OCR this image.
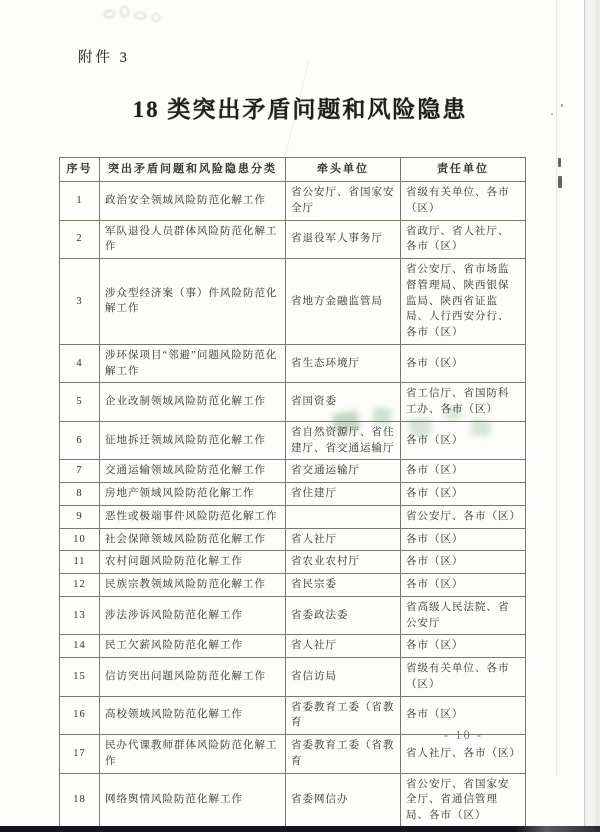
附件 3
18 类突出矛盾问题和风险隐患
序号	突出矛盾问题和风险隐患分类	牵头单位	责任单位
1	政治安全领域风险防范化解工作	省公安厅、省国家安全厅	省级有关单位、各市（区）
2	军队退役人员群体风险防范化解工作	省退役军人事务厅	省政厅、省人社厅、各市（区）
3	涉众型经济案（事）件风险防范化解工作	省地方金融监管局	省公安厅、省市场监督管理局、陕西银保监局、陕西省证监局、人行西安分行、各市（区）
4	涉环保项目“邻避”问题风险防范化解工作	省生态环境厅	各市（区）
5	企业改制领域风险防范化解工作	省国资委	省工信厅、省国防科工办、各市（区）
6	征地拆迁领域风险防范化解工作	省自然资源厅、省住建厅、省交通运输厅	各市（区）
7	交通运输领域风险防范化解工作	省交通运输厅	各市（区）
8	房地产领域风险防范化解工作	省住建厅	各市（区）
9	恶性或极端事件风险防范化解工作		省公安厅、各市（区）
10	社会保障领域风险防范化解工作	省人社厅	各市（区）
11	农村问题风险防范化解工作	省农业农村厅	各市（区）
12	民族宗教领域风险防范化解工作	省民宗委	各市（区）
13	涉法涉诉风险防范化解工作	省委政法委	省高级人民法院、省公安厅
14	民工欠薪风险防范化解工作	省人社厅	各市（区）
15	信访突出问题风险防范化解工作	省信访局	省级有关单位、各市（区）
16	高校领域风险防范化解工作	省委教育工委（省教育	各市（区）
17	民办代课教师群体风险防范化解工作	省委教育工委（省教育	省人社厅、各市（区）
18	网络舆情风险防范化解工作	省委网信办	省公安厅、省国家安全厅、省通信管理局、各市（区）
- 10 -
